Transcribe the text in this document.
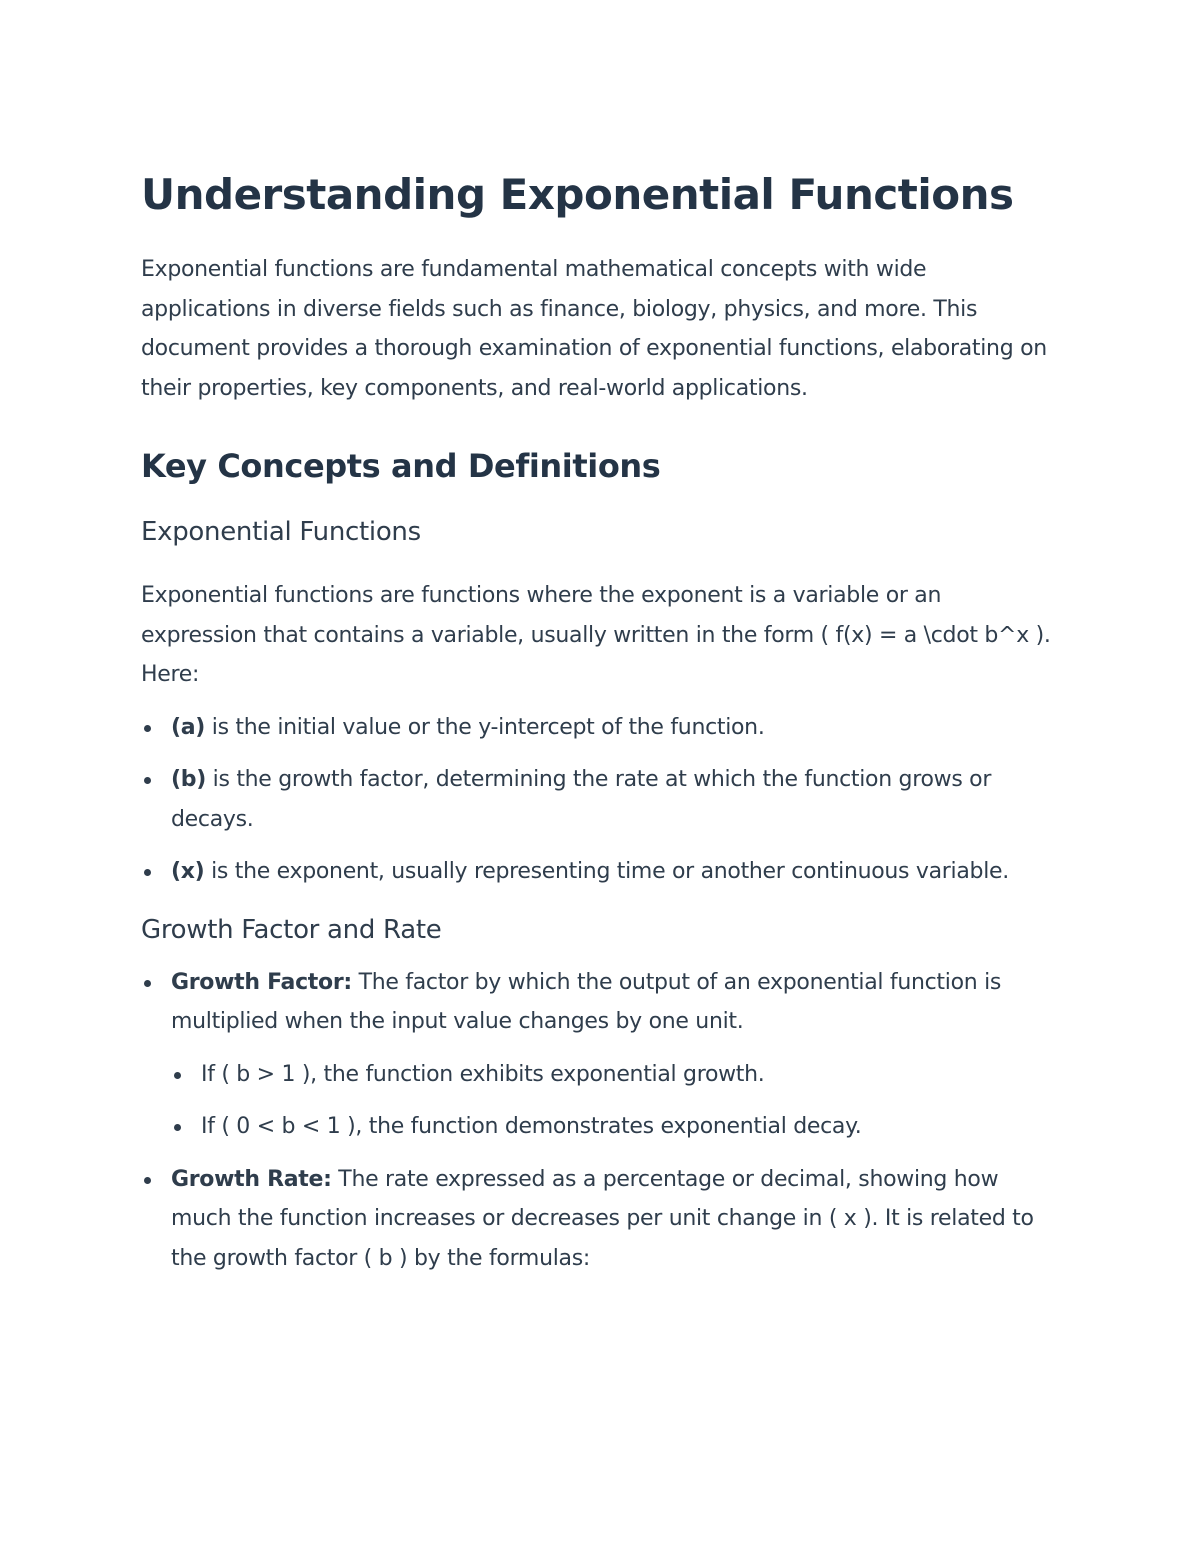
Understanding Exponential Functions

Exponential functions are fundamental mathematical concepts with wide applications in diverse fields such as finance, biology, physics, and more. This document provides a thorough examination of exponential functions, elaborating on their properties, key components, and real-world applications.

Key Concepts and Definitions
Exponential Functions

Exponential functions are functions where the exponent is a variable or an expression that contains a variable, usually written in the form ( f(x) = a \cdot b^x ). Here:

(a) is the initial value or the y-intercept of the function.
(b) is the growth factor, determining the rate at which the function grows or decays.
(x) is the exponent, usually representing time or another continuous variable.
Growth Factor and Rate
Growth Factor: The factor by which the output of an exponential function is multiplied when the input value changes by one unit.
If ( b > 1 ), the function exhibits exponential growth.
If ( 0 < b < 1 ), the function demonstrates exponential decay.
Growth Rate: The rate expressed as a percentage or decimal, showing how much the function increases or decreases per unit change in ( x ). It is related to the growth factor ( b ) by the formulas:
